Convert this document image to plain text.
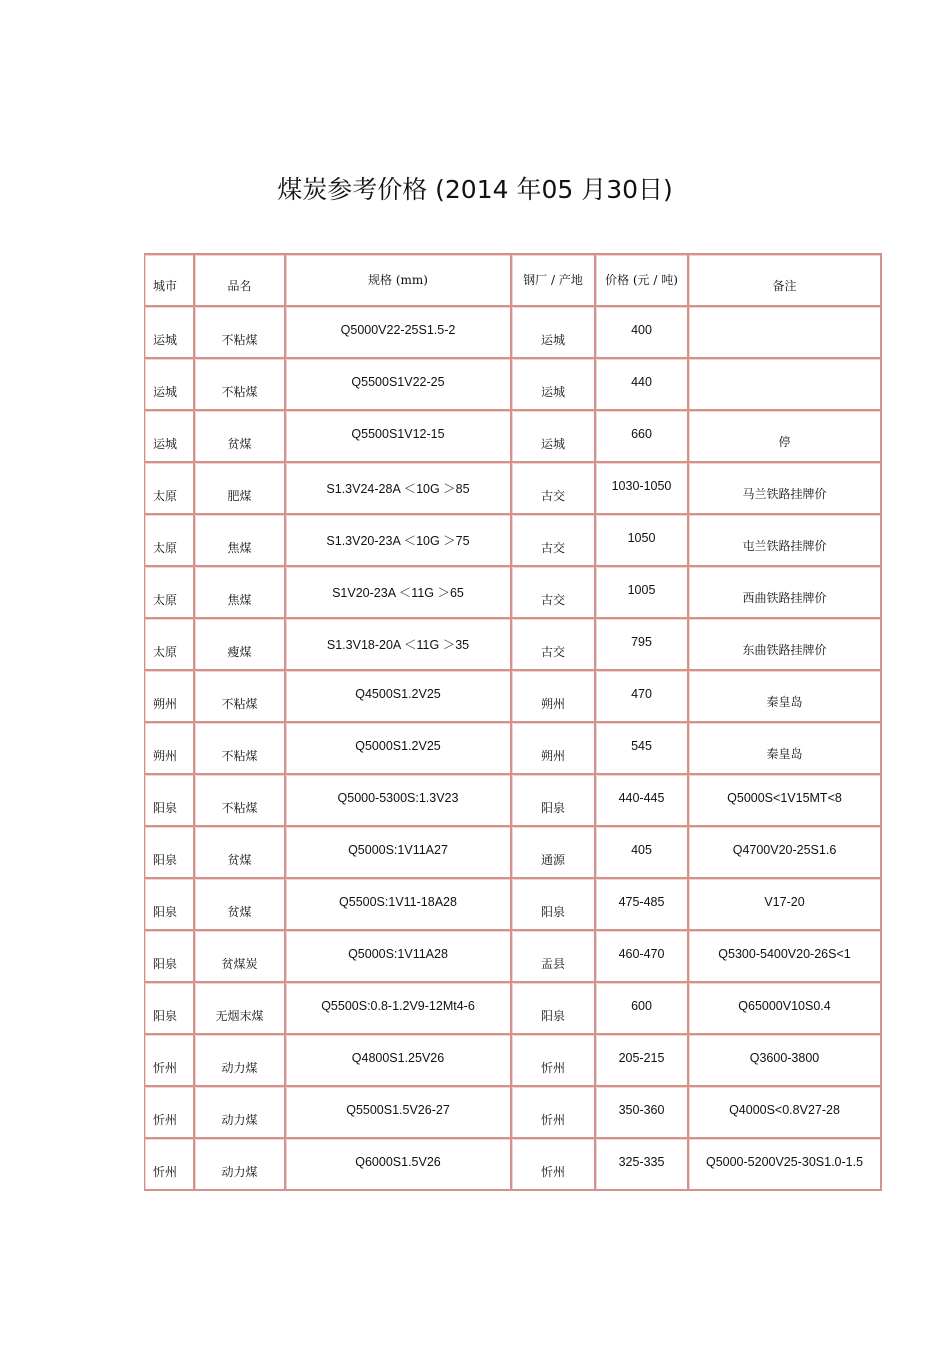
煤炭参考价格 (2014 年05 月30日)
城市	品名	规格 (mm)	钢厂 / 产地	价格 (元 / 吨)	备注

运城	不粘煤	Q5000V22-25S1.5-2	运城	400	

运城	不粘煤	Q5500S1V22-25	运城	440	

运城	贫煤	Q5500S1V12-15	运城	660	停

太原	肥煤	S1.3V24-28A ＜10G ＞85	古交	1030-1050	马兰铁路挂牌价

太原	焦煤	S1.3V20-23A ＜10G ＞75	古交	1050	屯兰铁路挂牌价

太原	焦煤	S1V20-23A ＜11G ＞65	古交	1005	西曲铁路挂牌价

太原	瘦煤	S1.3V18-20A ＜11G ＞35	古交	795	东曲铁路挂牌价

朔州	不粘煤	Q4500S1.2V25	朔州	470	秦皇岛

朔州	不粘煤	Q5000S1.2V25	朔州	545	秦皇岛

阳泉	不粘煤	Q5000-5300S:1.3V23	阳泉	440-445	Q5000S<1V15MT<8

阳泉	贫煤	Q5000S:1V11A27	通源	405	Q4700V20-25S1.6

阳泉	贫煤	Q5500S:1V11-18A28	阳泉	475-485	V17-20

阳泉	贫煤炭	Q5000S:1V11A28	盂县	460-470	Q5300-5400V20-26S<1

阳泉	无烟末煤	Q5500S:0.8-1.2V9-12Mt4-6	阳泉	600	Q65000V10S0.4

忻州	动力煤	Q4800S1.25V26	忻州	205-215	Q3600-3800

忻州	动力煤	Q5500S1.5V26-27	忻州	350-360	Q4000S<0.8V27-28

忻州	动力煤	Q6000S1.5V26	忻州	325-335	Q5000-5200V25-30S1.0-1.5
